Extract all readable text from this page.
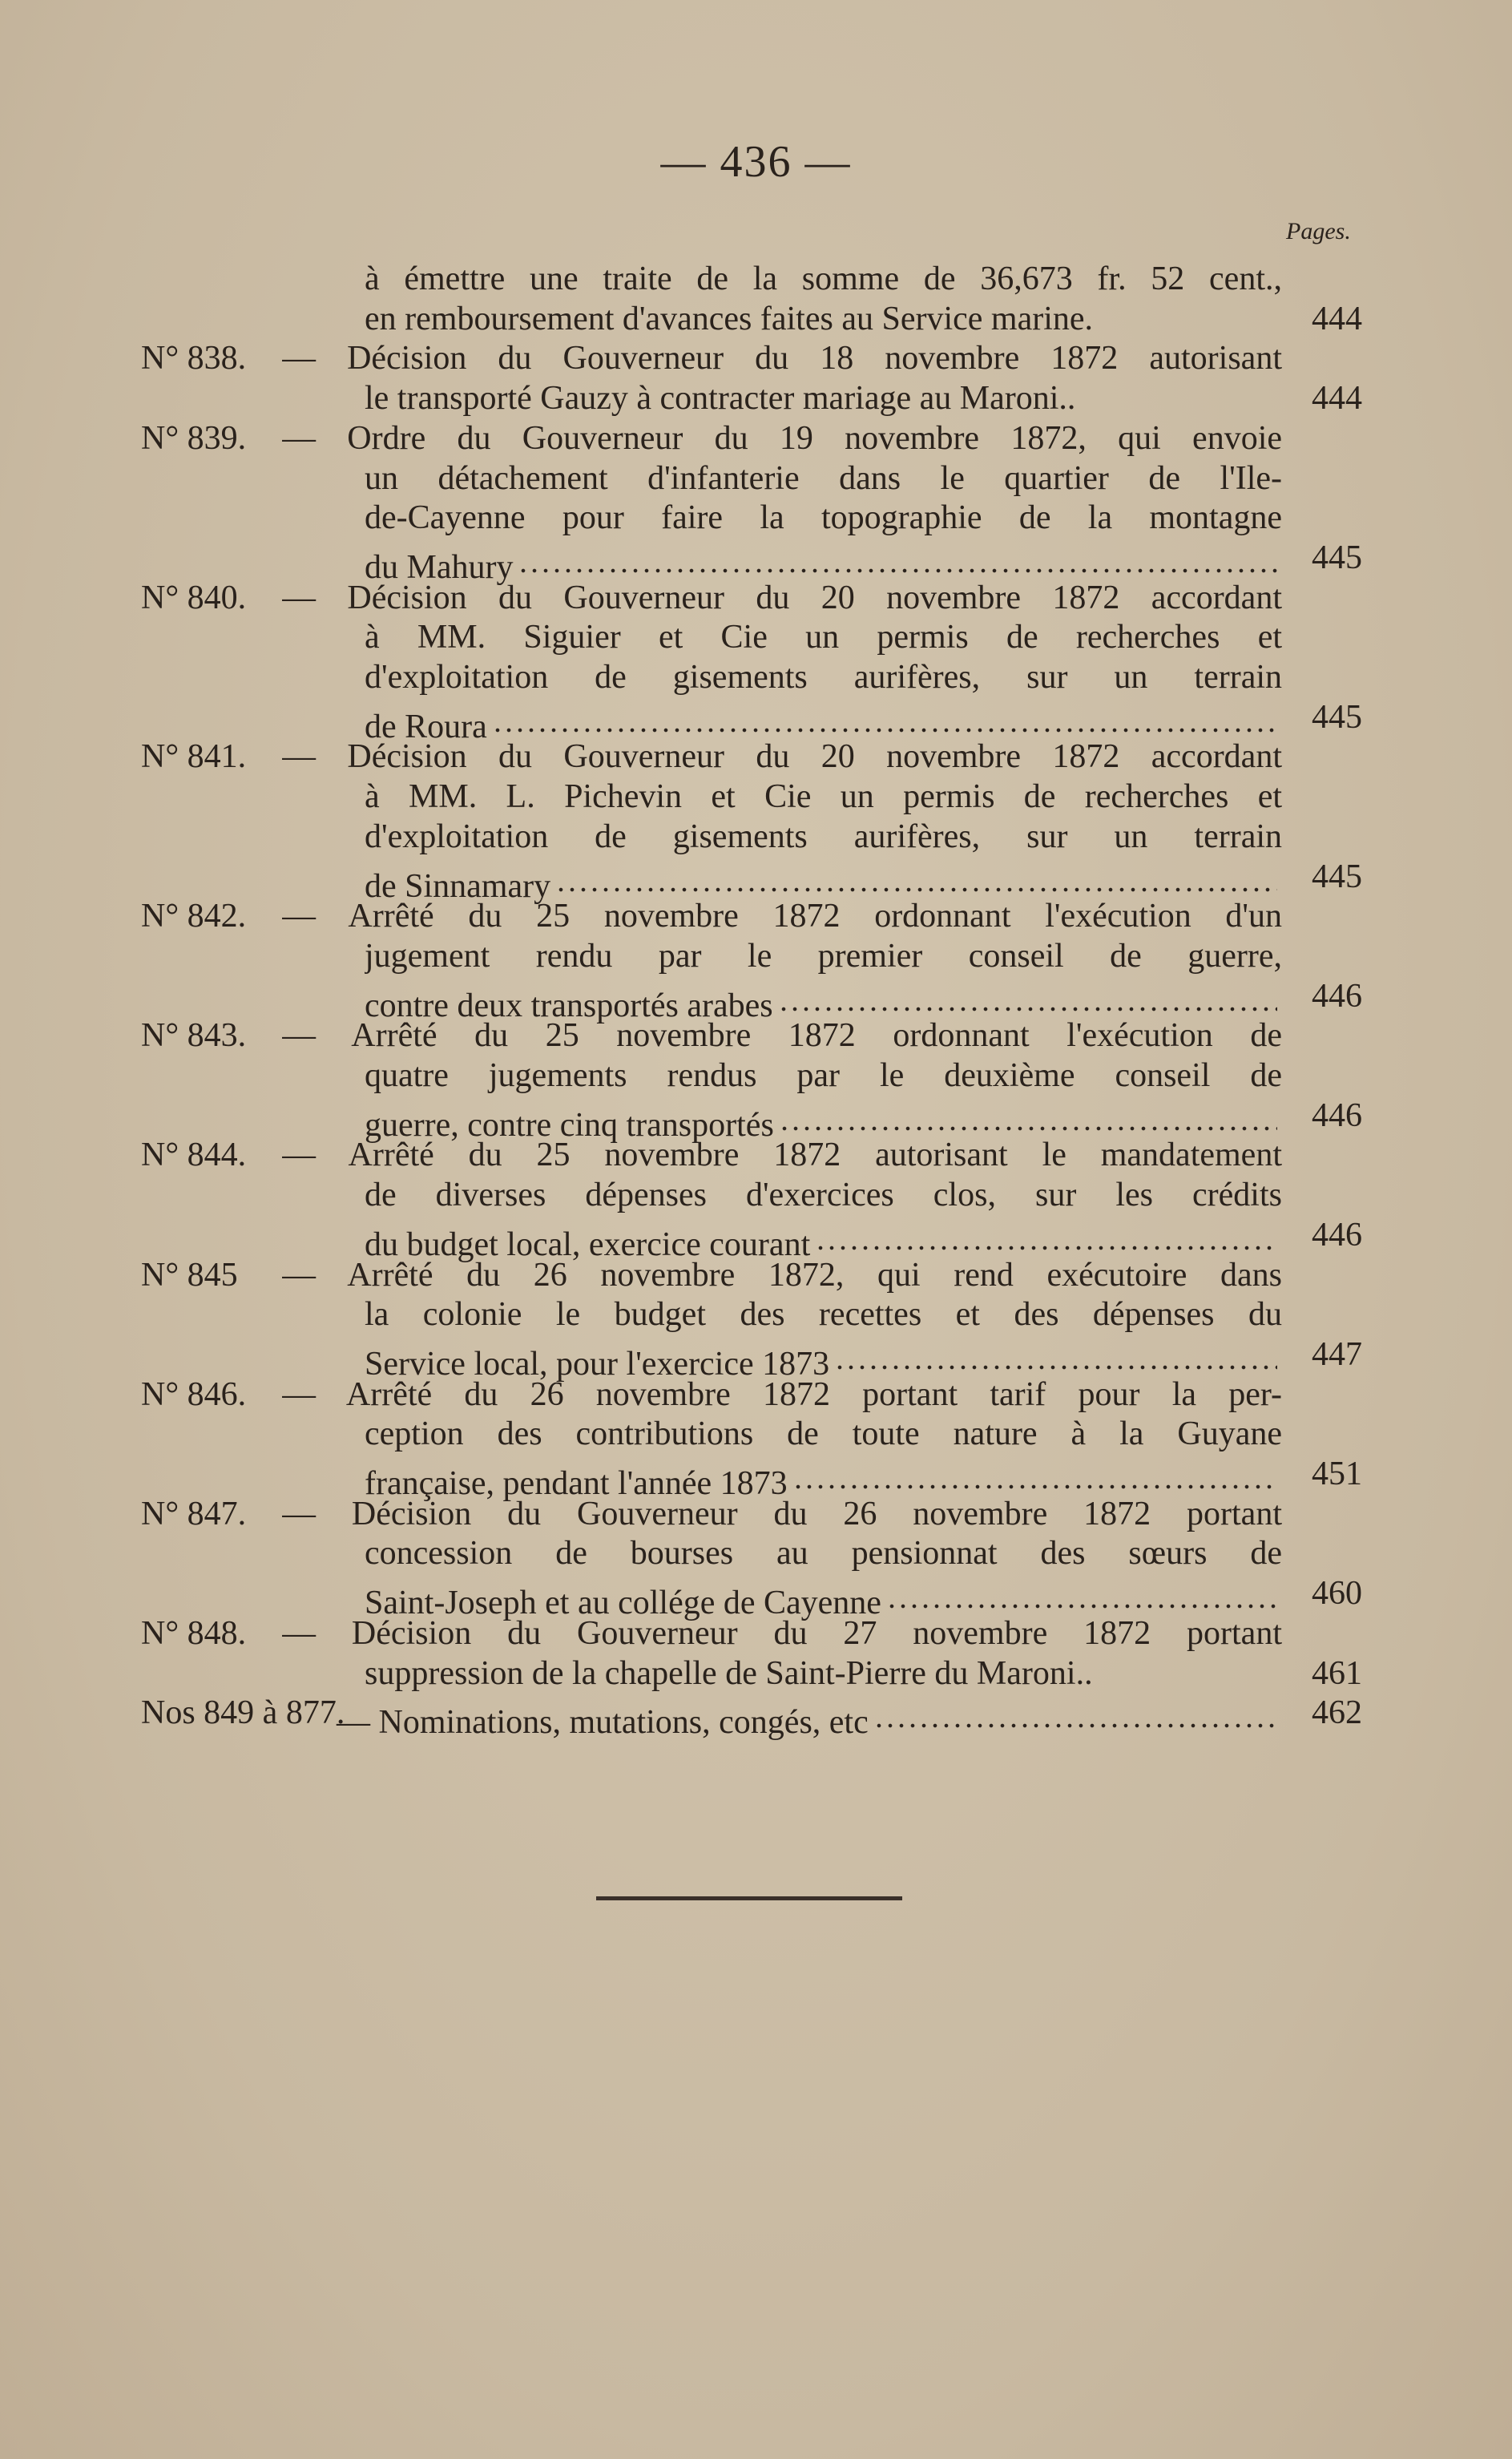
— 436 —
Pages.
à émettre une traite de la somme de 36,673 fr. 52 cent.,
en remboursement d'avances faites au Service marine.	444
N° 838.	— Décision du Gouverneur du 18 novembre 1872 autorisant
le transporté Gauzy à contracter mariage au Maroni..	444
N° 839.	— Ordre du Gouverneur du 19 novembre 1872, qui envoie
un détachement d'infanterie dans le quartier de l'Ile-
de-Cayenne pour faire la topographie de la montagne
du Mahury	445
N° 840.	— Décision du Gouverneur du 20 novembre 1872 accordant
à MM. Siguier et Cie un permis de recherches et
d'exploitation de gisements aurifères, sur un terrain
de Roura	445
N° 841.	— Décision du Gouverneur du 20 novembre 1872 accordant
à MM. L. Pichevin et Cie un permis de recherches et
d'exploitation de gisements aurifères, sur un terrain
de Sinnamary	445
N° 842.	— Arrêté du 25 novembre 1872 ordonnant l'exécution d'un
jugement rendu par le premier conseil de guerre,
contre deux transportés arabes	446
N° 843.	— Arrêté du 25 novembre 1872 ordonnant l'exécution de
quatre jugements rendus par le deuxième conseil de
guerre, contre cinq transportés	446
N° 844.	— Arrêté du 25 novembre 1872 autorisant le mandatement
de diverses dépenses d'exercices clos, sur les crédits
du budget local, exercice courant	446
N° 845	— Arrêté du 26 novembre 1872, qui rend exécutoire dans
la colonie le budget des recettes et des dépenses du
Service local, pour l'exercice 1873	447
N° 846.	— Arrêté du 26 novembre 1872 portant tarif pour la per-
ception des contributions de toute nature à la Guyane
française, pendant l'année 1873	451
N° 847.	— Décision du Gouverneur du 26 novembre 1872 portant
concession de bourses au pensionnat des sœurs de
Saint-Joseph et au collége de Cayenne	460
N° 848.	— Décision du Gouverneur du 27 novembre 1872 portant
suppression de la chapelle de Saint-Pierre du Maroni..	461
Nos 849 à 877.
— Nominations, mutations, congés, etc	462
